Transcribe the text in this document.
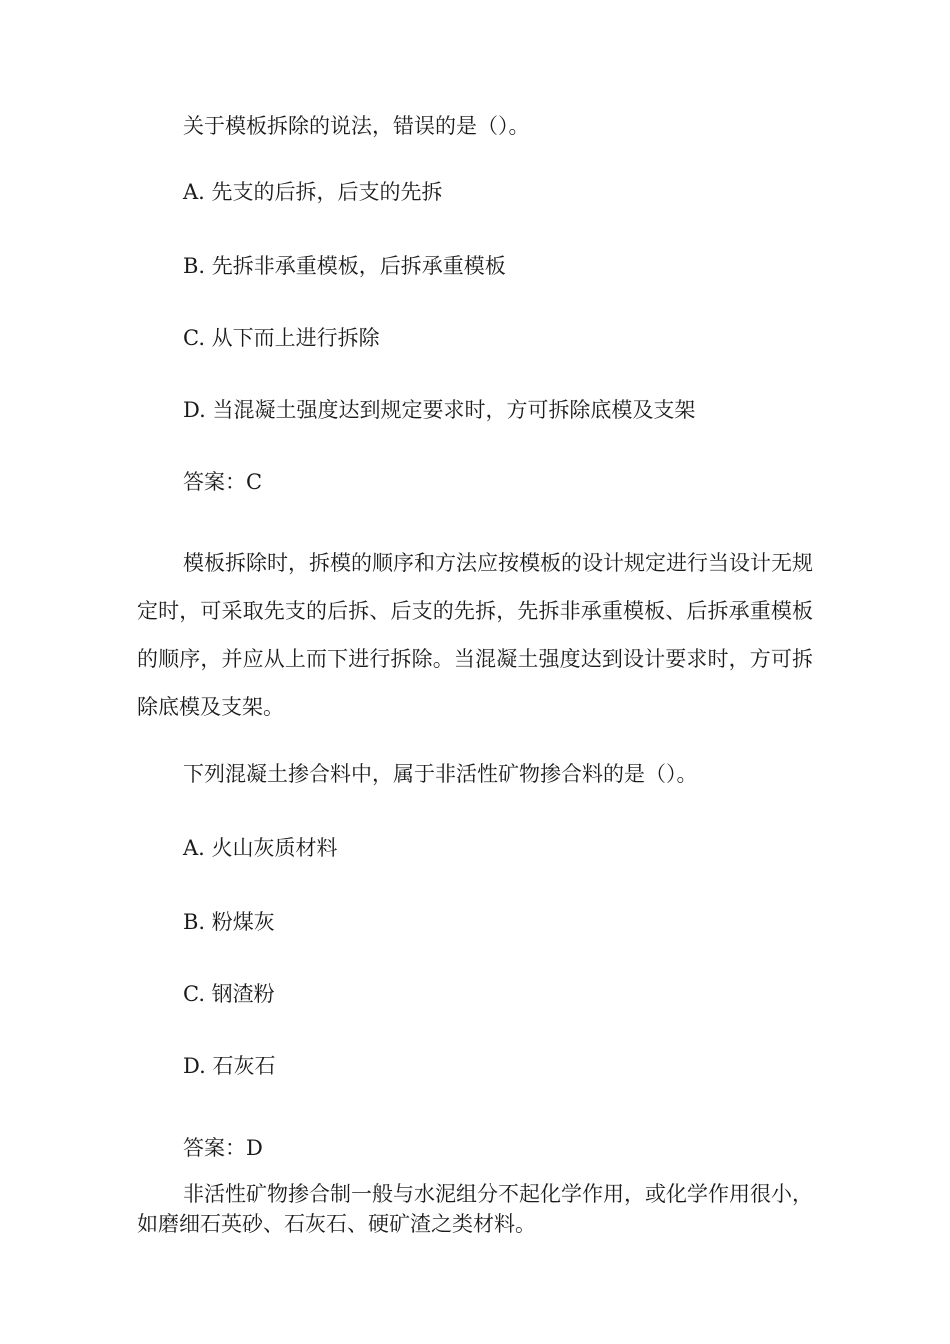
关于模板拆除的说法，错误的是（）。

A. 先支的后拆，后支的先拆

B. 先拆非承重模板，后拆承重模板

C. 从下而上进行拆除

D. 当混凝土强度达到规定要求时，方可拆除底模及支架

答案：C

模板拆除时，拆模的顺序和方法应按模板的设计规定进行当设计无规定时，可采取先支的后拆、后支的先拆，先拆非承重模板、后拆承重模板的顺序，并应从上而下进行拆除。当混凝土强度达到设计要求时，方可拆除底模及支架。

下列混凝土掺合料中，属于非活性矿物掺合料的是（）。

A. 火山灰质材料

B. 粉煤灰

C. 钢渣粉

D. 石灰石

答案：D

非活性矿物掺合制一般与水泥组分不起化学作用，或化学作用很小，如磨细石英砂、石灰石、硬矿渣之类材料。
